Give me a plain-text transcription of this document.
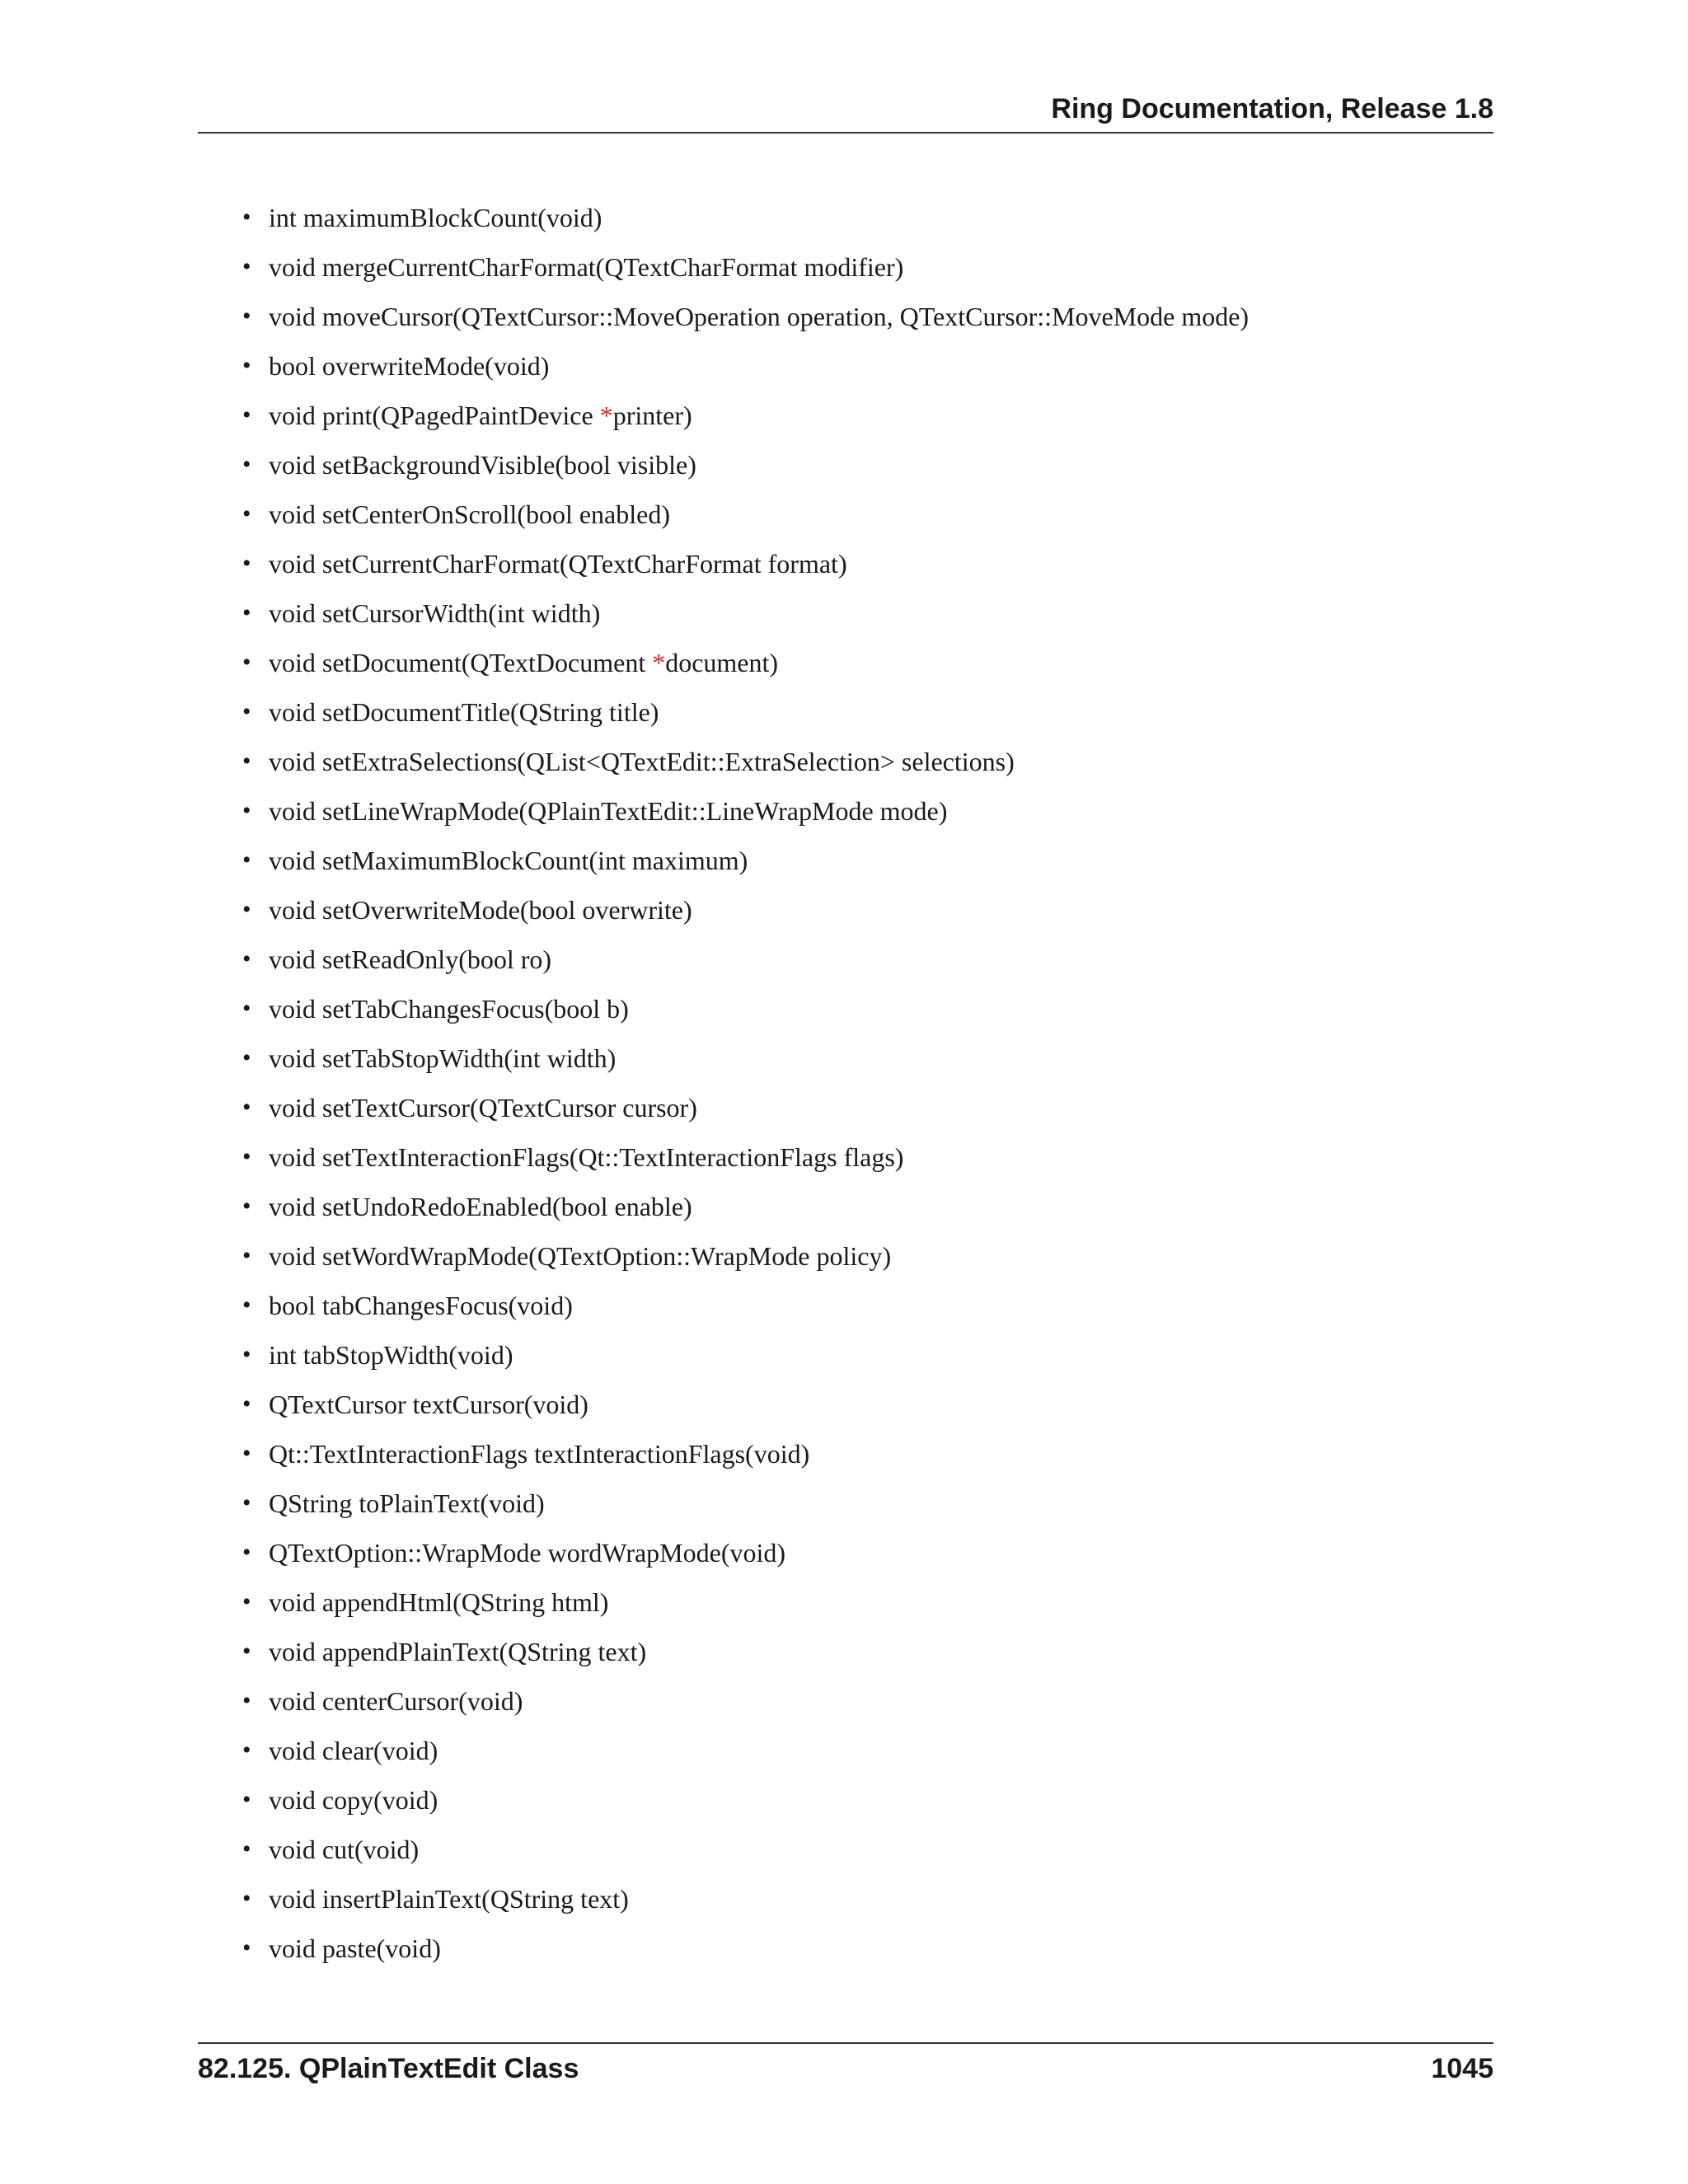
Ring Documentation, Release 1.8
• int maximumBlockCount(void)
• void mergeCurrentCharFormat(QTextCharFormat modifier)
• void moveCursor(QTextCursor::MoveOperation operation, QTextCursor::MoveMode mode)
• bool overwriteMode(void)
• void print(QPagedPaintDevice *printer)
• void setBackgroundVisible(bool visible)
• void setCenterOnScroll(bool enabled)
• void setCurrentCharFormat(QTextCharFormat format)
• void setCursorWidth(int width)
• void setDocument(QTextDocument *document)
• void setDocumentTitle(QString title)
• void setExtraSelections(QList<QTextEdit::ExtraSelection> selections)
• void setLineWrapMode(QPlainTextEdit::LineWrapMode mode)
• void setMaximumBlockCount(int maximum)
• void setOverwriteMode(bool overwrite)
• void setReadOnly(bool ro)
• void setTabChangesFocus(bool b)
• void setTabStopWidth(int width)
• void setTextCursor(QTextCursor cursor)
• void setTextInteractionFlags(Qt::TextInteractionFlags flags)
• void setUndoRedoEnabled(bool enable)
• void setWordWrapMode(QTextOption::WrapMode policy)
• bool tabChangesFocus(void)
• int tabStopWidth(void)
• QTextCursor textCursor(void)
• Qt::TextInteractionFlags textInteractionFlags(void)
• QString toPlainText(void)
• QTextOption::WrapMode wordWrapMode(void)
• void appendHtml(QString html)
• void appendPlainText(QString text)
• void centerCursor(void)
• void clear(void)
• void copy(void)
• void cut(void)
• void insertPlainText(QString text)
• void paste(void)
82.125. QPlainTextEdit Class	1045
